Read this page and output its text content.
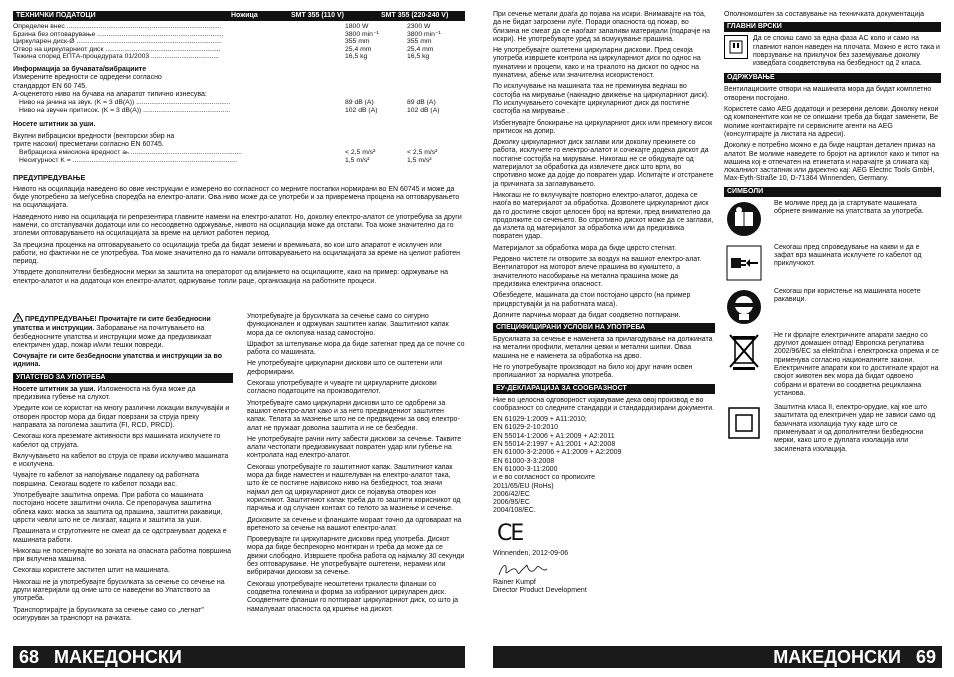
ТЕХНИЧКИ ПОДАТОЦИ	Ножица	SMT 355 (110 V)	SMT 355 (220-240 V)
Определен внес ..................................................................................	1800 W	2300 W
Брзина без оптоварување ...................................................................	3800 min⁻¹	3800 min⁻¹
Циркуларен диск-Ø .............................................................................	355 mm	355 mm
Отвор на циркуларниот диск .............................................................	25,4 mm	25,4 mm
Тежина според ЕПТА-процедурата 01/2003 ....................................	16,5 kg	16,5 kg
Информација за бучавата/вибрациите
Измерените вредности се одредени согласно
стандардот EN 60 745.
А-оценетото ниво на бучава на апаратот типично изнесува:
Ниво на јачина на звук. (K = 3 dB(A)) ..................................................	89 dB (A)	89 dB (A)
Ниво на звучен притисок. (K = 3 dB(A)) ..............................................	102 dB (A)	102 dB (A)
Носете штитник за уши.
Вкупни вибрациски вредности (векторски збир на
трите насоки) пресметани согласно EN 60745.
Вибрациска емисиона вредност aₕ ...........................................................	< 2,5 m/s²	< 2,5 m/s²
Несигурност K = .......................................................................................	1,5 m/s²	1,5 m/s²
ПРЕДУПРЕДУВАЊЕ
Нивото на осцилација наведено во овие инструкции е измерено во согласност со мерните постапки нормирани во EN 60745 и може да биде употребено за меѓусебна споредба на електро-алати. Ова ниво може да се употреби и за привремена процена на оптоварувањето на осцилацијата.
Наведеното ниво на осцилација ги репрезентира главните намени на електро-алатот. Но, доколку електро-алатот се употребува за други намени, со отстапувачки додатоци или со несоодветно одржување, нивото на осцилација може да отстапи. Тоа може значително да го зголеми оптоварувањето на осцилацијата за време на целиот работен период.
За прецизна проценка на оптоварувањето со осцилација треба да бидат земени и времињата, во кои што апаратот е исклучен или работи, но фактички не се употребува. Тоа може значително да го намали оптоварувањето на осцилацијата за време на целиот работен период.
Утврдете дополнителни безбедносни мерки за заштита на операторот од влијанието на осцилациите, како на пример: одржување на електро-алатот и на додатоци кон електро-алатот, одржување топли раце, организација на работните процеси.
ПРЕДУПРЕДУВАЊЕ! Прочитајте ги сите безбедносни упатства и инструкции. Заборавање на почитувањето на безбедносните упатства и инструкции може да предизвикаат електричен удар, пожар и/или тешки повреди.
Сочувајте ги сите безбедносни упатства и инструкции за во иднина.
УПАТСТВО ЗА УПОТРЕБА
Носете штитник за уши. Изложеноста на бука може да предизвика губење на слухот.
Уредите кои се користат на многу различни локации вклучувајќи и отворен простор мора да бидат поврзани за струја преку направата за поголема заштита (FI, RCD, PRCD).
Секогаш кога преземате активности врз машината исклучете го кабелот од струјата.
Вклучувањето на кабелот во струја се прави исклучиво машината е исклучена.
Чувајте го кабелот за напојување подалеку од работната површина. Секогаш водете го кабелот позади вас.
Употребувајте заштитна опрема. При работа со машината постојано носете заштитни очила. Се препорачува заштитна облека како: маска за заштита од прашина, заштитни ракавици, цврсти чевли што не се лизгаат, кацига и заштита за уши.
Прашината и струготините не смеат да се одстрануваат додека е машината работи.
Никогаш не посегнувајте во зоната на опасната работна површина при вклучена машина.
Секогаш користете застител штит на машината.
Никогаш не ја употребувајте брусилката за сечење со сечење на други материјали од оние што се наведени во Упатството за употреба.
Транспортирајте ја брусилката за сечење само со „легнат" осигуруван за транспорт на рачката.
Употребувајте ја брусилката за сечење само со сигурно функционален и одржуван заштитен капак. Заштитниот капак мора да се оклопува назад самостојно.
Шрафот за штелување мора да биде затегнат пред да се почне со работа со машината.
Не употребувајте циркуларни дискови што се оштетени или деформирани.
Секогаш употребувајте и чувајте ги циркуларните дискови согласно податоците на производителот.
Употребувајте само циркуларни дискови што се одобрени за вашиот електро-алат како и за нето предвидениот заштитен капак. Телата за мазнење што не се предвидени за овој електро-алат не пружаат доволна заштита и не се безбедни.
Не употребувајте рачни ниту забести дискови за сечење. Таквите алати честопати предизвикуваат повратен удар или губење на контролата над електро-алатот.
Секогаш употребувајте го заштитниот капак. Заштитниот капак мора да биде наместен и нaштелуван на електро-алатот така, што ќе се постигне највисоко ниво на безбедност, тоа значи најмал дел од циркуларниот диск се појавува отворен кон корисникот. Заштитниот капак треба да го заштити корисникот од парчиња и од случаен контакт со телото за мазнење и сечење.
Дисковите за сечење и фланшите мораат точно да одговараат на вретеното за сечење на вашиот електро-алат.
Проверувајте ги циркуларните дискови пред употреба. Дискот мора да биде беспрекорно монтиран и треба да може да се движи слободно. Извршете пробна работа од најмалку 30 секунди без оптоварување. Не употребувајте оштетени, нерамни или вибрирачки дискови за сечење.
Секогаш употребувајте неоштетени тркалести фланши со соодветна големина и форма за избраниот циркуларен диск. Соодветните фланши го потпираат циркуларниот диск, со што ја намалуваат опасноста од кршење на дискот.
При сечење метали доаѓа до појава на искри. Внимавајте на тоа, да не бидат загрозени луѓе. Поради опасноста од пожар, во близина не смеат да се наоѓаат запаливи материјали (подрачје на искри). Не употребувајте уред за всмукување прашина.
Не употребувајте оштетени циркуларни дискови. Пред секоја употреба извршете контрола на циркуларниот диск по однос на пукнатини и процепи, како и на тркалото на дискот по однос на пукнатини, абење или значителна искористеност.
По исклучување на машината таа не преминува веднаш во состојба на мирување (накнадно движење на циркуларниот диск). По исклучувањето сочекајте циркуларниот диск да постигне состојба на мирување .
Избегнувајте блокирање на циркуларниот диск или премногу висок притисок на допир.
Доколку циркуларниот диск заглави или доколку прекинете со работа, исклучете го електро-алатот и сочекајте додека дискот да постигне состојба на мирување. Никогаш не се обидувајте од материјалот за обработка да извлечете диск што врти, во спротивно може да дојде до повратен удар. Испитајте и отстранете ја причината за заглавувањето.
Никогаш не го вклучувајте повторно електро-алатот, додека се наоѓа во материјалот за обработка. Дозволете циркуларниот диск да го достигне својот целосен број на вртежи, пред внимателно да продолжите со сечењето. Во спротивно дискот може да се заглави, да излета од материјалот за обработка или да предизвика повратен удар.
Материјалот за обработка мора да биде цврсто стегнат.
Редовно чистете ги отворите за воздух на вашиот електро-алат. Вентилаторот на моторот влече прашина во кукиштето, а значителното насобирање на метална прашина може да предизвика електрична опасност.
Обезбедете, машината да стои постојано цврсто (на пример прицврстувајќи ја на работната маса).
Долните парчиња мораат да бидат соодветно потпирани.
СПЕЦИФИЦИРАНИ УСЛОВИ НА УПОТРЕБА
Брусилката за сечење е наменета за прилагодување на должината на метални профили, метални цевки и метални шипки. Оваа машина не е наменета за обработка на дрво.
Не го употребувајте производот на било кој друг начин освен пропишаниот за нормална употреба.
ЕУ-ДЕКЛАРАЦИЈА ЗА СООБРАЗНОСТ
Ние во целосна одговорност изјавуваме дека овој производ е во сообразност со следните стандарди и стандардизирани документи.
EN 61029-1:2009 + A11:2010;
EN 61029-2-10:2010
EN 55014-1:2006 + A1:2009 + A2:2011
EN 55014-2:1997 + A1:2001 + A2:2008
EN 61000-3-2:2006 + A1:2009 + A2:2009
EN 61000-3-3:2008
EN 61000-3-11:2000
и е во согласност со прописите
2011/65/EU (RoHs)
2006/42/EC
2006/95/EC
2004/108/EC.
CE
Winnenden, 2012-09-06
Rainer Kumpf
Director Product Development
Ополномоштен за составување на техничката документација
ГЛАВНИ ВРСКИ
Да се споиш само за една фаза AC коло и само на главниот напон наведен на плочата. Можно е исто така и поврзување на приклучок без заземјување доколку изведбата соодветствува на безбедност од 2 класа.
ОДРЖУВАЊЕ
Вентилациските отвори на машината мора да бидат комплетно отворени постојано.
Користете само AEG додатоци и резервни делови. Доколку некои од компонентите кои не се опишани треба да бидат заменети, Ве молиме контактирајте ги сервисните агенти на AEG (консултирајте ја листата на адреси).
Доколку е потребно можно е да биде нацртан детален приказ на алатот. Ве молиме наведете го бројот на артиклот како и типот на машина кој е отпечатен на етикетата и нарачајте ја сликата кај локалниот застапник или директно кај: AEG Electric Tools GmbH, Max-Eyth-Straße 10, D-71364 Winnenden, Germany.
СИМБОЛИ
Ве молиме пред да ја стартувате машината обрнете внимание на упатствата за употреба.
Секогаш пред спроведување на какви и да е зафат врз машината исклучете го кабелот од приклучокот.
Секогаш при користење на машината носете ракавици.
Не ги фрлајте електричните апарати заедно со другиот домашен отпад! Европска регулатива 2002/96/EC за električna i електронска опрема и се применува согласно националните закони. Електричните апарати кои го достигнале крајот на својот животен век мора да бидат одвоено собрани и вратени во соодветна рециклажна установа.
Заштитна класа II, електро-орудие, кај кое што заштитата од електричен удар не зависи само од базичната изолација туку каде што се применуваат и од дополнителни безбедносни мерки, како што е дуплата изолација или засилената изолација.
68 МАКЕДОНСКИ	МАКЕДОНСКИ 69
